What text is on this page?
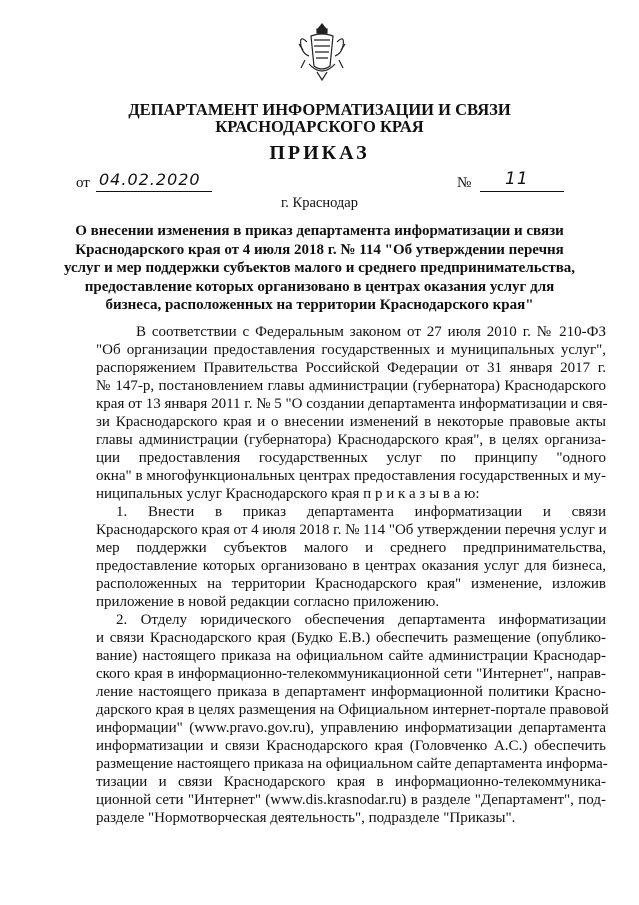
ДЕПАРТАМЕНТ ИНФОРМАТИЗАЦИИ И СВЯЗИ
КРАСНОДАРСКОГО КРАЯ
ПРИКАЗ
от 04.02.2020	№ 11
г. Краснодар
О внесении изменения в приказ департамента информатизации и связи
Краснодарского края от 4 июля 2018 г. № 114 "Об утверждении перечня
услуг и мер поддержки субъектов малого и среднего предпринимательства,
предоставление которых организовано в центрах оказания услуг для
бизнеса, расположенных на территории Краснодарского края"
В соответствии с Федеральным законом от 27 июля 2010 г. № 210-ФЗ
"Об организации предоставления государственных и муниципальных услуг",
распоряжением Правительства Российской Федерации от 31 января 2017 г.
№ 147-р, постановлением главы администрации (губернатора) Краснодарского
края от 13 января 2011 г. № 5 "О создании департамента информатизации и свя-
зи Краснодарского края и о внесении изменений в некоторые правовые акты
главы администрации (губернатора) Краснодарского края", в целях организа-
ции предоставления государственных услуг по принципу "одного
окна" в многофункциональных центрах предоставления государственных и му-
ниципальных услуг Краснодарского края п р и к а з ы в а ю:
1. Внести в приказ департамента информатизации и связи
Краснодарского края от 4 июля 2018 г. № 114 "Об утверждении перечня услуг и
мер поддержки субъектов малого и среднего предпринимательства,
предоставление которых организовано в центрах оказания услуг для бизнеса,
расположенных на территории Краснодарского края" изменение, изложив
приложение в новой редакции согласно приложению.
2. Отделу юридического обеспечения департамента информатизации
и связи Краснодарского края (Будко Е.В.) обеспечить размещение (опублико-
вание) настоящего приказа на официальном сайте администрации Краснодар-
ского края в информационно-телекоммуникационной сети "Интернет", направ-
ление настоящего приказа в департамент информационной политики Красно-
дарского края в целях размещения на Официальном интернет-портале правовой
информации" (www.pravo.gov.ru), управлению информатизации департамента
информатизации и связи Краснодарского края (Головченко А.С.) обеспечить
размещение настоящего приказа на официальном сайте департамента информа-
тизации и связи Краснодарского края в информационно-телекоммуника-
ционной сети "Интернет" (www.dis.krasnodar.ru) в разделе "Департамент", под-
разделе "Нормотворческая деятельность", подразделе "Приказы".
